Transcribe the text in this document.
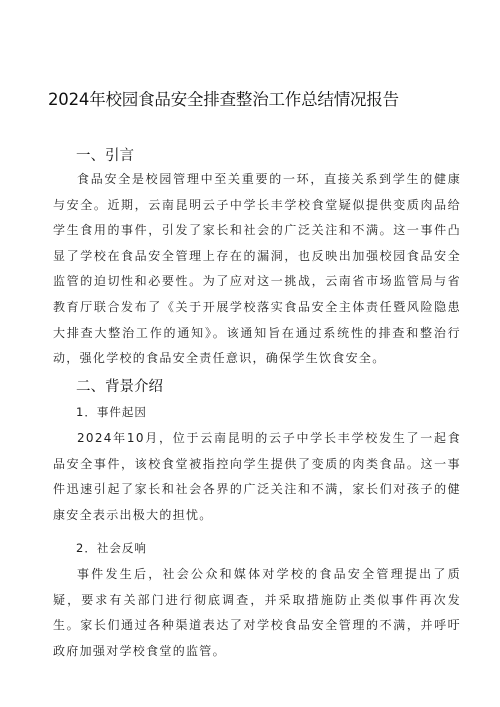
2024年校园食品安全排查整治工作总结情况报告
一、引言

食品安全是校园管理中至关重要的一环，直接关系到学生的健康与安全。近期，云南昆明云子中学长丰学校食堂疑似提供变质肉品给学生食用的事件，引发了家长和社会的广泛关注和不满。这一事件凸显了学校在食品安全管理上存在的漏洞，也反映出加强校园食品安全监管的迫切性和必要性。为了应对这一挑战，云南省市场监管局与省教育厅联合发布了《关于开展学校落实食品安全主体责任暨风险隐患大排查大整治工作的通知》。该通知旨在通过系统性的排查和整治行动，强化学校的食品安全责任意识，确保学生饮食安全。

二、背景介绍
1．事件起因

2024年10月，位于云南昆明的云子中学长丰学校发生了一起食品安全事件，该校食堂被指控向学生提供了变质的肉类食品。这一事件迅速引起了家长和社会各界的广泛关注和不满，家长们对孩子的健康安全表示出极大的担忧。

2．社会反响

事件发生后，社会公众和媒体对学校的食品安全管理提出了质疑，要求有关部门进行彻底调查，并采取措施防止类似事件再次发生。家长们通过各种渠道表达了对学校食品安全管理的不满，并呼吁政府加强对学校食堂的监管。
